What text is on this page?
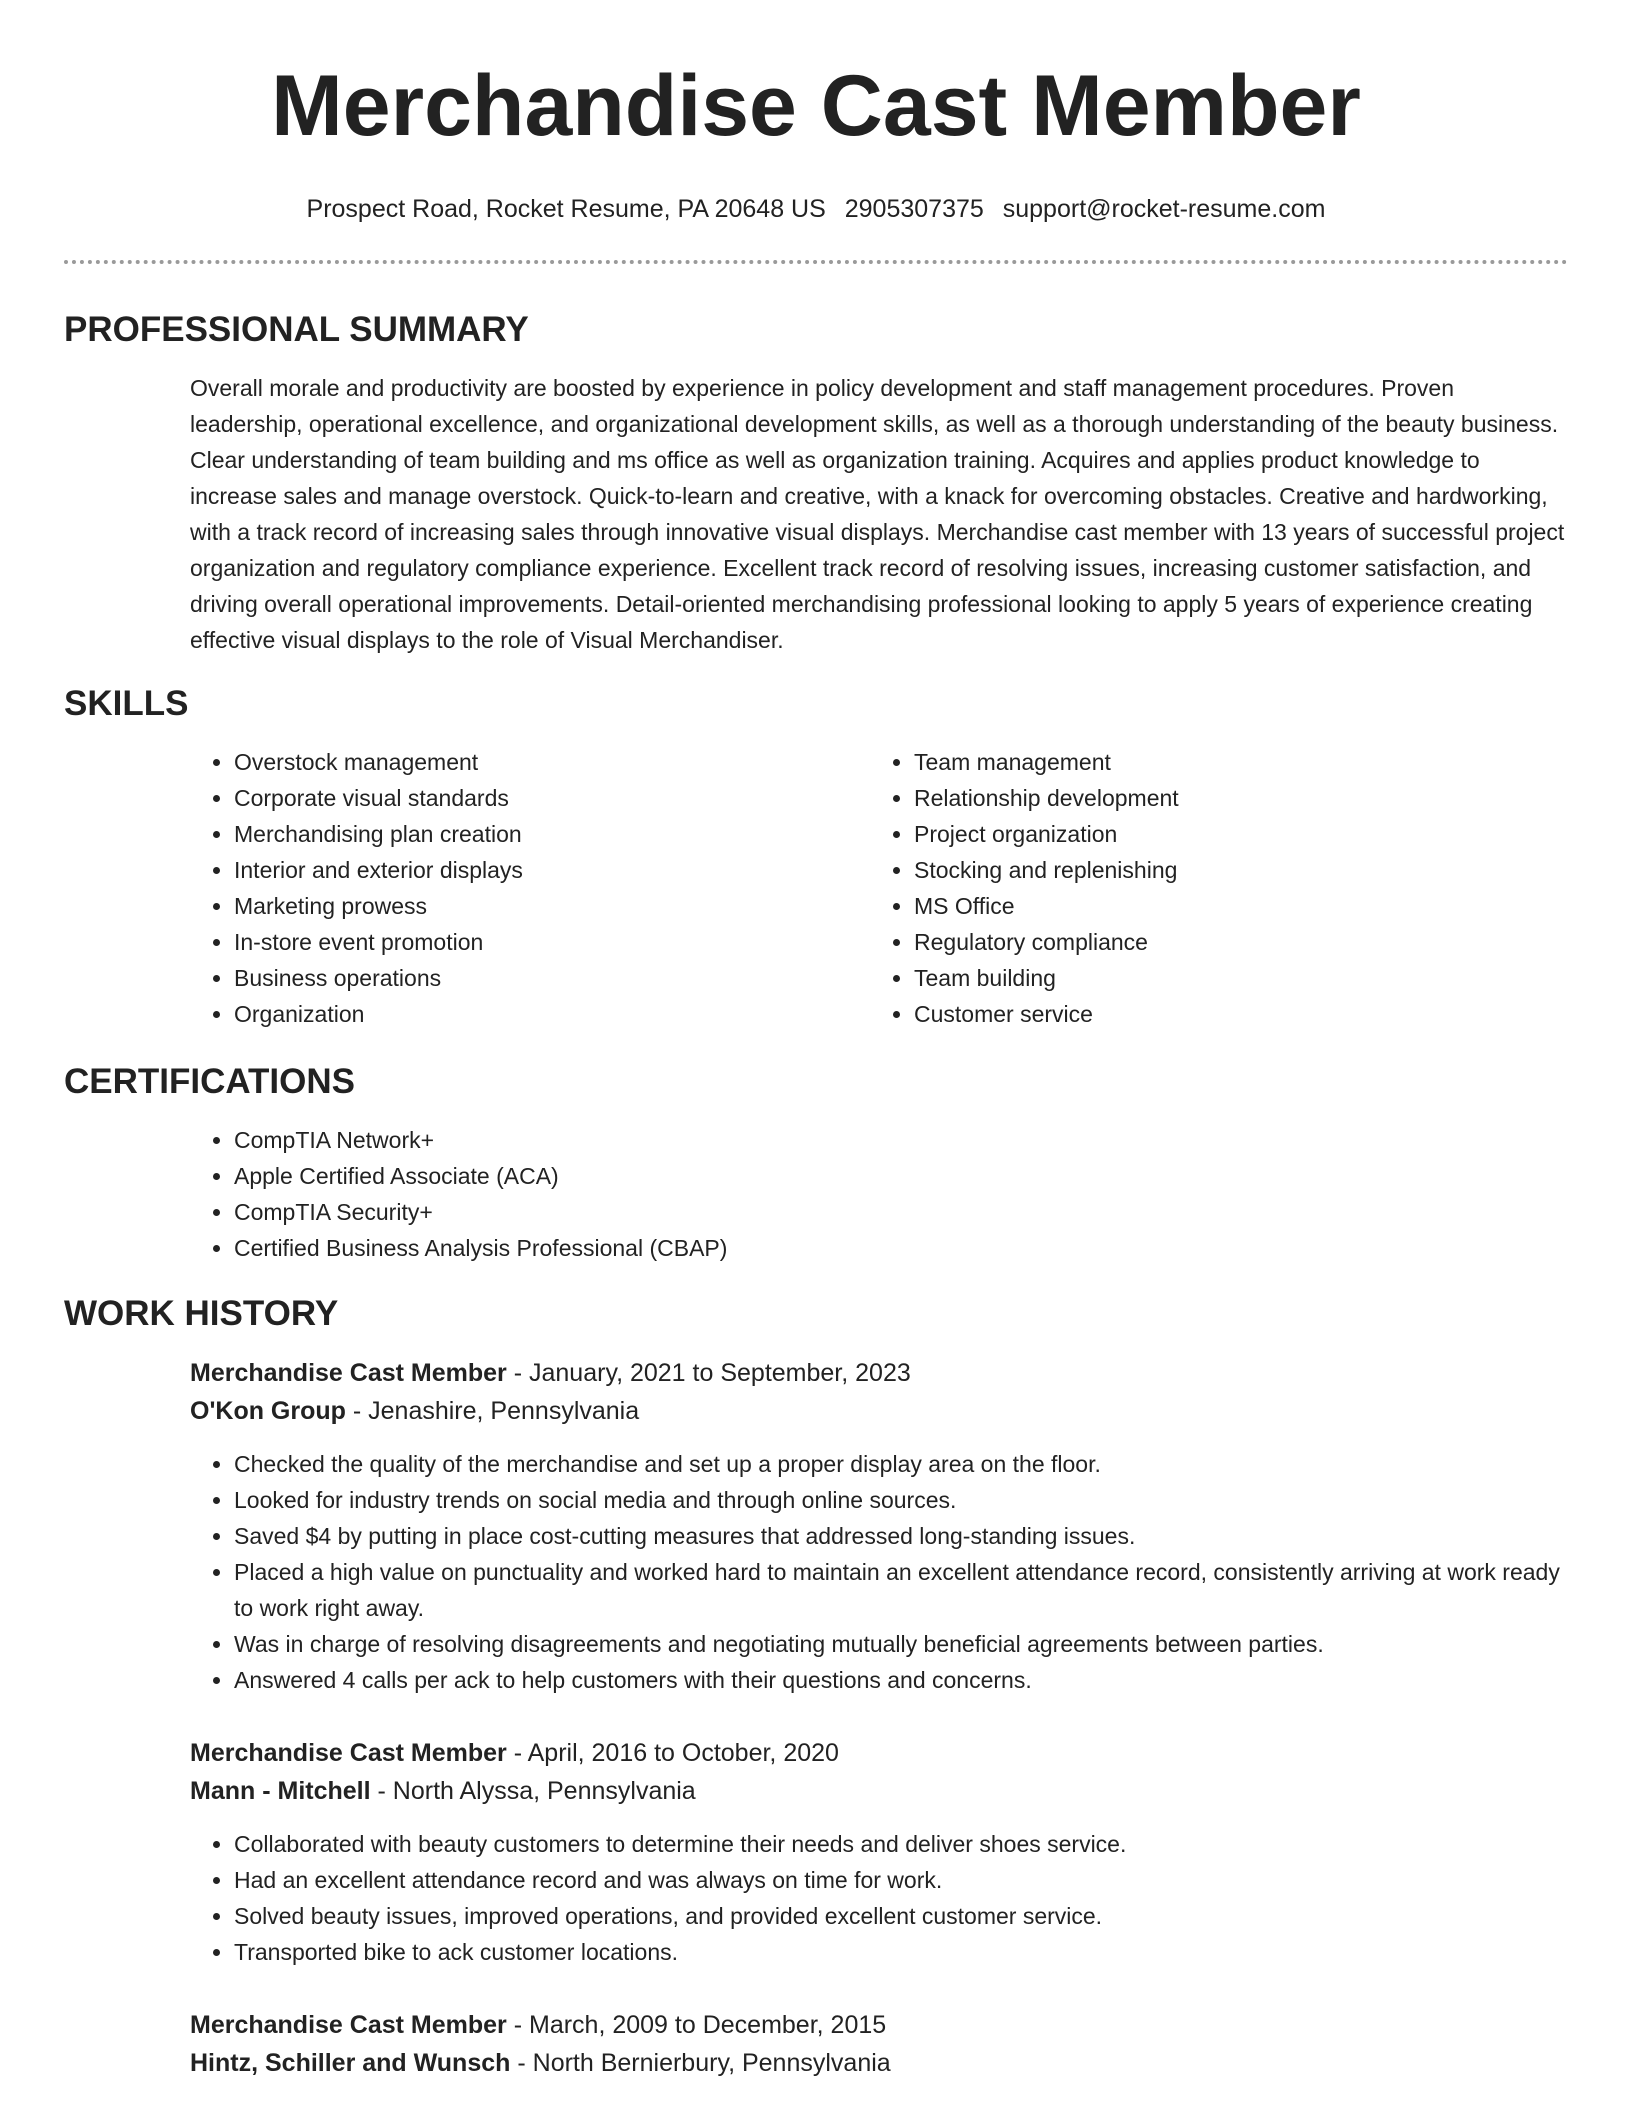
Merchandise Cast Member
Prospect Road, Rocket Resume, PA 20648 US 2905307375 support@rocket-resume.com
PROFESSIONAL SUMMARY

Overall morale and productivity are boosted by experience in policy development and staff management procedures. Proven leadership, operational excellence, and organizational development skills, as well as a thorough understanding of the beauty business. Clear understanding of team building and ms office as well as organization training. Acquires and applies product knowledge to increase sales and manage overstock. Quick-to-learn and creative, with a knack for overcoming obstacles. Creative and hardworking, with a track record of increasing sales through innovative visual displays. Merchandise cast member with 13 years of successful project organization and regulatory compliance experience. Excellent track record of resolving issues, increasing customer satisfaction, and driving overall operational improvements. Detail-oriented merchandising professional looking to apply 5 years of experience creating effective visual displays to the role of Visual Merchandiser.

SKILLS
• Overstock management
• Corporate visual standards
• Merchandising plan creation
• Interior and exterior displays
• Marketing prowess
• In-store event promotion
• Business operations
• Organization
• Team management
• Relationship development
• Project organization
• Stocking and replenishing
• MS Office
• Regulatory compliance
• Team building
• Customer service
CERTIFICATIONS
• CompTIA Network+
• Apple Certified Associate (ACA)
• CompTIA Security+
• Certified Business Analysis Professional (CBAP)
WORK HISTORY
Merchandise Cast Member - January, 2021 to September, 2023
O'Kon Group - Jenashire, Pennsylvania
• Checked the quality of the merchandise and set up a proper display area on the floor.
• Looked for industry trends on social media and through online sources.
• Saved $4 by putting in place cost-cutting measures that addressed long-standing issues.
• Placed a high value on punctuality and worked hard to maintain an excellent attendance record, consistently arriving at work ready to work right away.
• Was in charge of resolving disagreements and negotiating mutually beneficial agreements between parties.
• Answered 4 calls per ack to help customers with their questions and concerns.
Merchandise Cast Member - April, 2016 to October, 2020
Mann - Mitchell - North Alyssa, Pennsylvania
• Collaborated with beauty customers to determine their needs and deliver shoes service.
• Had an excellent attendance record and was always on time for work.
• Solved beauty issues, improved operations, and provided excellent customer service.
• Transported bike to ack customer locations.
Merchandise Cast Member - March, 2009 to December, 2015
Hintz, Schiller and Wunsch - North Bernierbury, Pennsylvania
